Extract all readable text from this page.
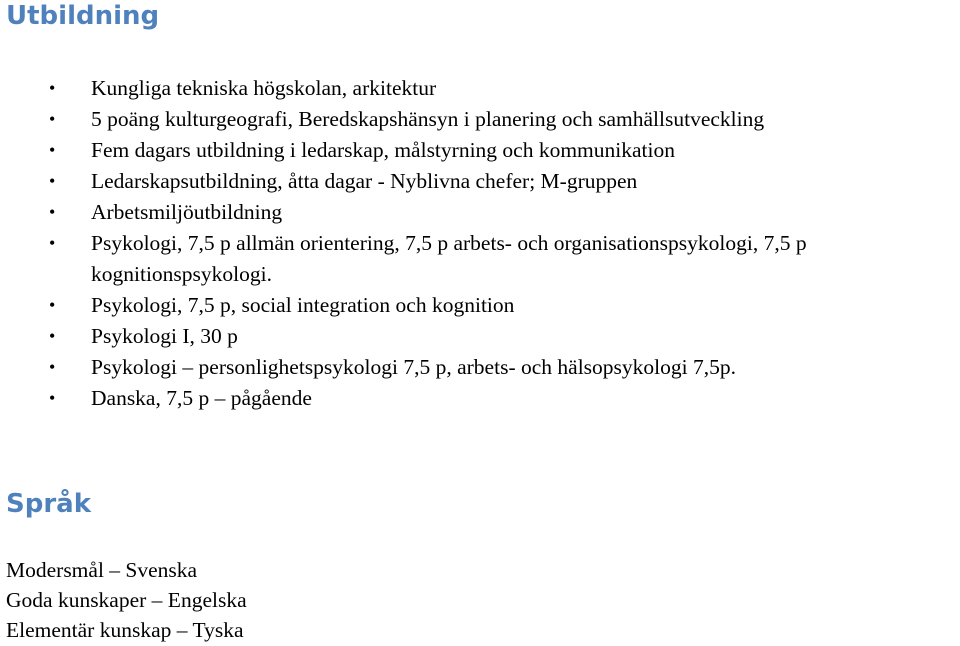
Utbildning
• Kungliga tekniska högskolan, arkitektur
• 5 poäng kulturgeografi, Beredskapshänsyn i planering och samhällsutveckling
• Fem dagars utbildning i ledarskap, målstyrning och kommunikation
• Ledarskapsutbildning, åtta dagar - Nyblivna chefer; M-gruppen
• Arbetsmiljöutbildning
• Psykologi, 7,5 p allmän orientering, 7,5 p arbets- och organisationspsykologi, 7,5 p kognitionspsykologi.
• Psykologi, 7,5 p, social integration och kognition
• Psykologi I, 30 p
• Psykologi – personlighetspsykologi 7,5 p, arbets- och hälsopsykologi 7,5p.
• Danska, 7,5 p – pågående
Språk
Modersmål – Svenska
Goda kunskaper – Engelska
Elementär kunskap – Tyska
